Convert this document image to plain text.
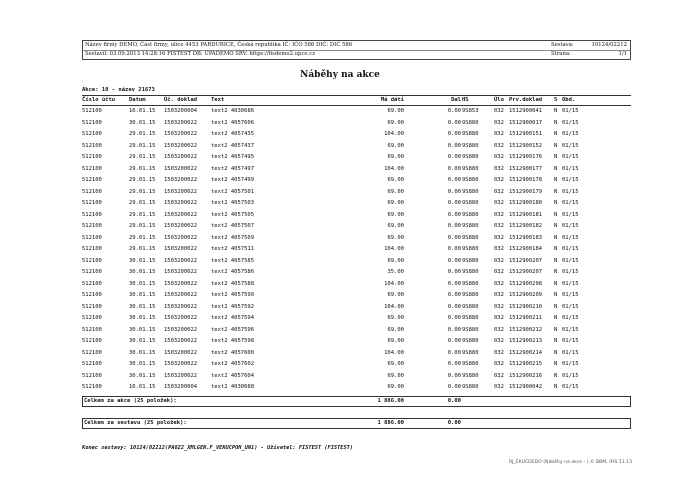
Název firmy DEMO, Část firmy, ulice 4453 PARDUBICE, Česká republika IČ: IČO 586 DIČ: DIČ 586
Sestavil: 03.09.2013 14:28:16 FISTEST DB: UPADEMO SRV: https://fisdemo2.upce.cz
Sestava:	10124/02212
Strana:	1/1
Náběhy na akce
Akce: 10 - název 21673
Číslo účtu	Datum	Úč. doklad	Text	Má dáti	Dal HS	Úlo Prv.doklad S Obd.
512100	16.01.15	1503200004	text2 4030686	69.00	0.00 9S853	032 1512900041 N 01/15
512100	30.01.15	1503200022	text2 4057606	69.00	0.00 9S880	032 1512900017 N 01/15
512100	29.01.15	1503200022	text2 4057435	104.00	0.00 9S880	032 1512900151 N 01/15
512100	29.01.15	1503200022	text2 4057437	69.00	0.00 9S880	032 1512900152 N 01/15
512100	29.01.15	1503200022	text2 4057495	69.00	0.00 9S880	032 1512900176 N 01/15
512100	29.01.15	1503200022	text2 4057497	104.00	0.00 9S880	032 1512900177 N 01/15
512100	29.01.15	1503200022	text2 4057499	69.00	0.00 9S880	032 1512900178 N 01/15
512100	29.01.15	1503200022	text2 4057501	69.00	0.00 9S880	032 1512900179 N 01/15
512100	29.01.15	1503200022	text2 4057503	69.00	0.00 9S880	032 1512900180 N 01/15
512100	29.01.15	1503200022	text2 4057505	69.00	0.00 9S880	032 1512900181 N 01/15
512100	29.01.15	1503200022	text2 4057507	69.00	0.00 9S880	032 1512900182 N 01/15
512100	29.01.15	1503200022	text2 4057509	69.00	0.00 9S880	032 1512900183 N 01/15
512100	29.01.15	1503200022	text2 4057511	104.00	0.00 9S880	032 1512900184 N 01/15
512100	30.01.15	1503200022	text2 4057585	69.00	0.00 9S880	032 1512900207 N 01/15
512100	30.01.15	1503200022	text2 4057586	35.00	0.00 9S880	032 1512900207 N 01/15
512100	30.01.15	1503200022	text2 4057588	104.00	0.00 9S880	032 1512900208 N 01/15
512100	30.01.15	1503200022	text2 4057590	69.00	0.00 9S880	032 1512900209 N 01/15
512100	30.01.15	1503200022	text2 4057592	104.00	0.00 9S880	032 1512900210 N 01/15
512100	30.01.15	1503200022	text2 4057594	69.00	0.00 9S880	032 1512900211 N 01/15
512100	30.01.15	1503200022	text2 4057596	69.00	0.00 9S880	032 1512900212 N 01/15
512100	30.01.15	1503200022	text2 4057598	69.00	0.00 9S880	032 1512900213 N 01/15
512100	30.01.15	1503200022	text2 4057600	104.00	0.00 9S880	032 1512900214 N 01/15
512100	30.01.15	1503200022	text2 4057602	69.00	0.00 9S880	032 1512900215 N 01/15
512100	30.01.15	1503200022	text2 4057604	69.00	0.00 9S880	032 1512900216 N 01/15
512100	16.01.15	1503200004	text2 4030688	69.00	0.00 9S880	032 1512900042 N 01/15
Celkem za akce (25 položek):	1 886.00	0.00
Celkem za sestavu (25 položek):	1 886.00	0.00
Konec sestavy: 10124/02212(PA022_XMLGEN.F_VEKUCPOH_UN1) - Uživatel: FISTEST (FISTEST)
RJ_EKUCDEDO (Náběhy na akce - ) © BBM, iFIS 11.13
